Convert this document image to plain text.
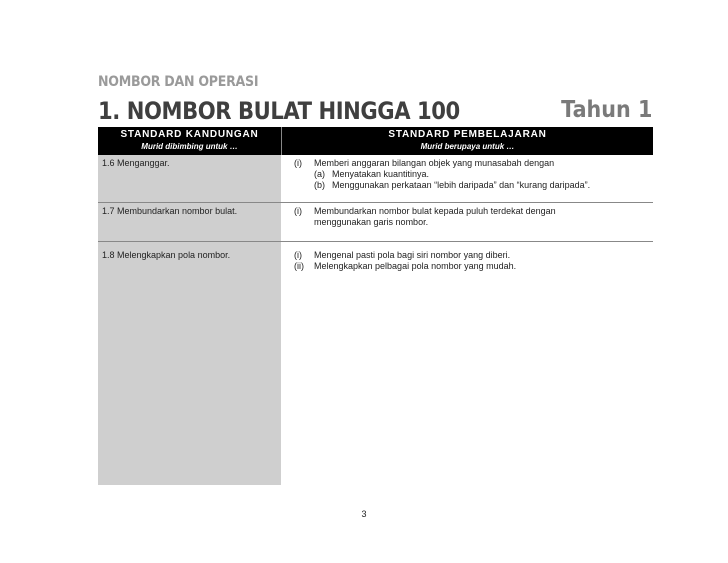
NOMBOR DAN OPERASI
1. NOMBOR BULAT HINGGA 100	Tahun 1
STANDARD KANDUNGAN
Murid dibimbing untuk …
STANDARD PEMBELAJARAN
Murid berupaya untuk …
1.6 Menganggar.	(i) Memberi anggaran bilangan objek yang munasabah dengan
(a) Menyatakan kuantitinya.
(b) Menggunakan perkataan “lebih daripada” dan “kurang daripada”.
1.7 Membundarkan nombor bulat.	(i) Membundarkan nombor bulat kepada puluh terdekat dengan
menggunakan garis nombor.
1.8 Melengkapkan pola nombor.	(i) Mengenal pasti pola bagi siri nombor yang diberi.
(ii) Melengkapkan pelbagai pola nombor yang mudah.
3
